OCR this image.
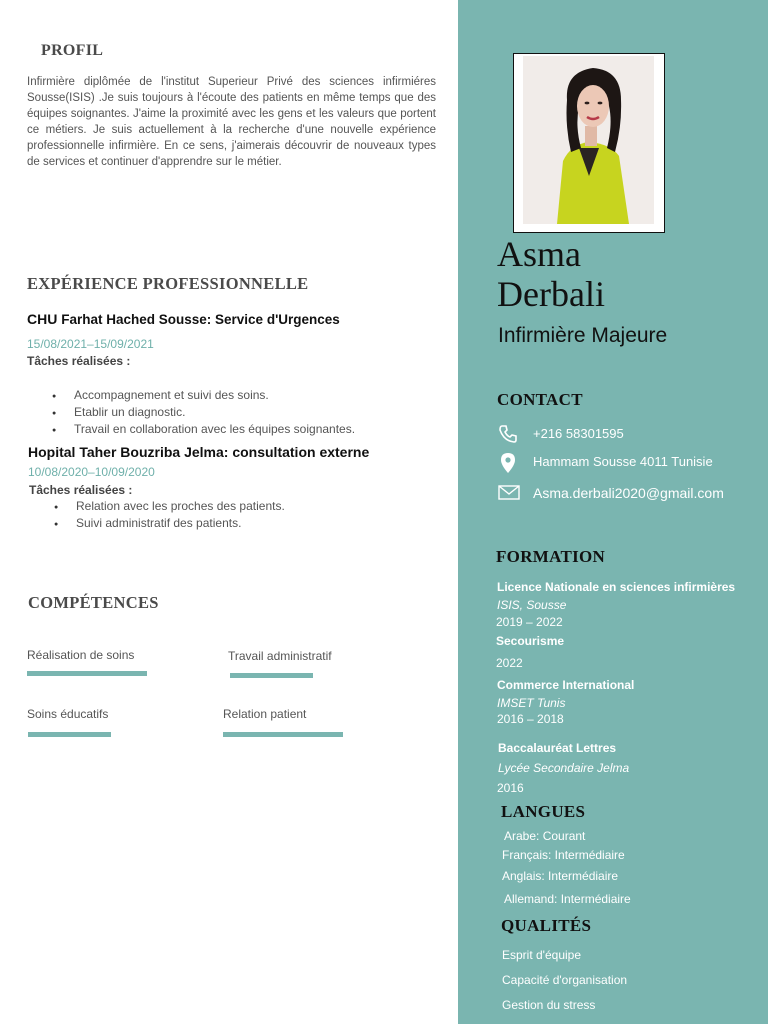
PROFIL
Infirmière diplômée de l'institut Superieur Privé des sciences infirmiéres Sousse(ISIS) .Je suis toujours à l'écoute des patients en même temps que des équipes soignantes. J'aime la proximité avec les gens et les valeurs que portent ce métiers. Je suis actuellement à la recherche d'une nouvelle expérience professionnelle infirmière. En ce sens, j'aimerais découvrir de nouveaux types de services et continuer d'apprendre sur le métier.
EXPÉRIENCE PROFESSIONNELLE
CHU Farhat Hached Sousse: Service d'Urgences
15/08/2021–15/09/2021
Tâches réalisées :
● Accompagnement et suivi des soins.
● Etablir un diagnostic.
● Travail en collaboration avec les équipes soignantes.
Hopital Taher Bouzriba Jelma: consultation externe
10/08/2020–10/09/2020
Tâches réalisées :
● Relation avec les proches des patients.
● Suivi administratif des patients.
COMPÉTENCES
Réalisation de soins	Travail administratif
Soins éducatifs	Relation patient
Asma
Derbali
Infirmière Majeure
CONTACT
+216 58301595
Hammam Sousse 4011 Tunisie
Asma.derbali2020@gmail.com
FORMATION
Licence Nationale en sciences infirmières
ISIS, Sousse
2019 – 2022
Secourisme
2022
Commerce International
IMSET Tunis
2016 – 2018
Baccalauréat Lettres
Lycée Secondaire Jelma
2016
LANGUES
Arabe: Courant
Français: Intermédiaire
Anglais: Intermédiaire
Allemand: Intermédiaire
QUALITÉS
Esprit d'équipe
Capacité d'organisation
Gestion du stress
